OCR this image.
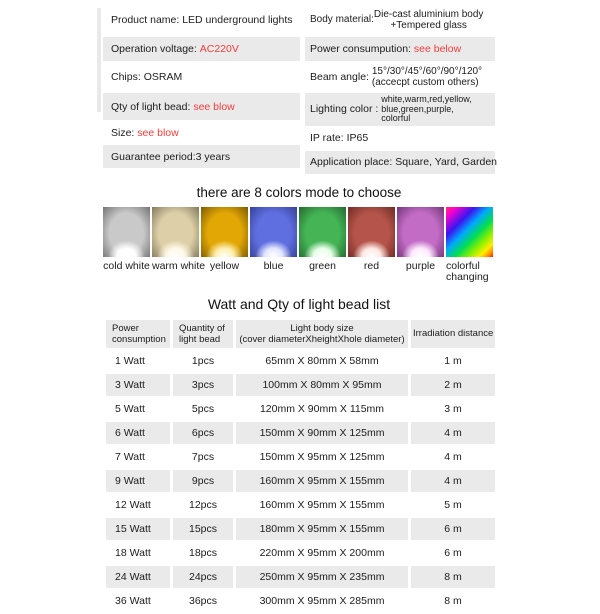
Product name: LED underground lights
Operation voltage: AC220V
Chips: OSRAM
Qty of light bead: see blow
Size: see blow
Guarantee period: 3 years
Body material: Die-cast aluminium body
+Tempered glass
Power consumpution: see below
Beam angle: 15°/30°/45°/60°/90°/120°
(accecpt custom others)
Lighting color :
white,warm,red,yellow,
blue,green,purple,
colorful
IP rate: IP65
Application place: Square, Yard, Garden
there are 8 colors mode to choose
cold white warm white yellow	blue	green	red	purple	colorful changing
Watt and Qty of light bead list
Power
consumption

Quantity of
light bead

Light body size
(cover diameterXheightXhole diameter)	Irradiation distance

1 Watt	1pcs	65mm X 80mm X 58mm	1 m
3 Watt	3pcs	100mm X 80mm X 95mm	2 m
5 Watt	5pcs	120mm X 90mm X 115mm	3 m
6 Watt	6pcs	150mm X 90mm X 125mm	4 m
7 Watt	7pcs	150mm X 95mm X 125mm	4 m
9 Watt	9pcs	160mm X 95mm X 155mm	4 m
12 Watt	12pcs	160mm X 95mm X 155mm	5 m
15 Watt	15pcs	180mm X 95mm X 155mm	6 m
18 Watt	18pcs	220mm X 95mm X 200mm	6 m
24 Watt	24pcs	250mm X 95mm X 235mm	8 m
36 Watt	36pcs	300mm X 95mm X 285mm	8 m
